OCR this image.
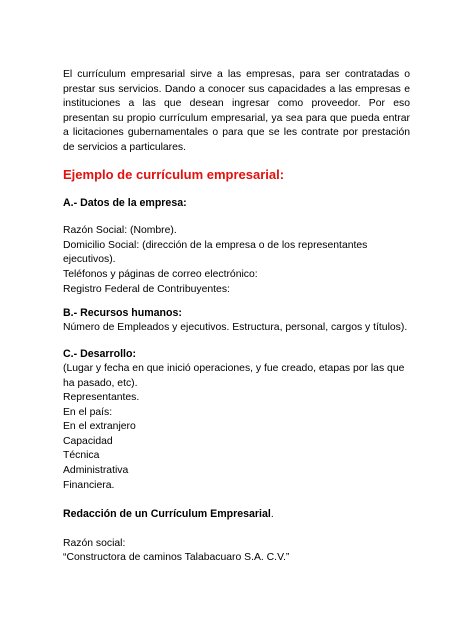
El currículum empresarial sirve a las empresas, para ser contratadas o prestar sus servicios. Dando a conocer sus capacidades a las empresas e instituciones a las que desean ingresar como proveedor. Por eso presentan su propio currículum empresarial, ya sea para que pueda entrar a licitaciones gubernamentales o para que se les contrate por prestación de servicios a particulares.

Ejemplo de currículum empresarial:

A.- Datos de la empresa:

Razón Social: (Nombre).

Domicilio Social: (dirección de la empresa o de los representantes ejecutivos).

Teléfonos y páginas de correo electrónico:

Registro Federal de Contribuyentes:

B.- Recursos humanos:

Número de Empleados y ejecutivos. Estructura, personal, cargos y títulos).

C.- Desarrollo:

(Lugar y fecha en que inició operaciones, y fue creado, etapas por las que ha pasado, etc).

Representantes.

En el país:

En el extranjero

Capacidad

Técnica

Administrativa

Financiera.

Redacción de un Currículum Empresarial.

Razón social:

“Constructora de caminos Talabacuaro S.A. C.V.”
